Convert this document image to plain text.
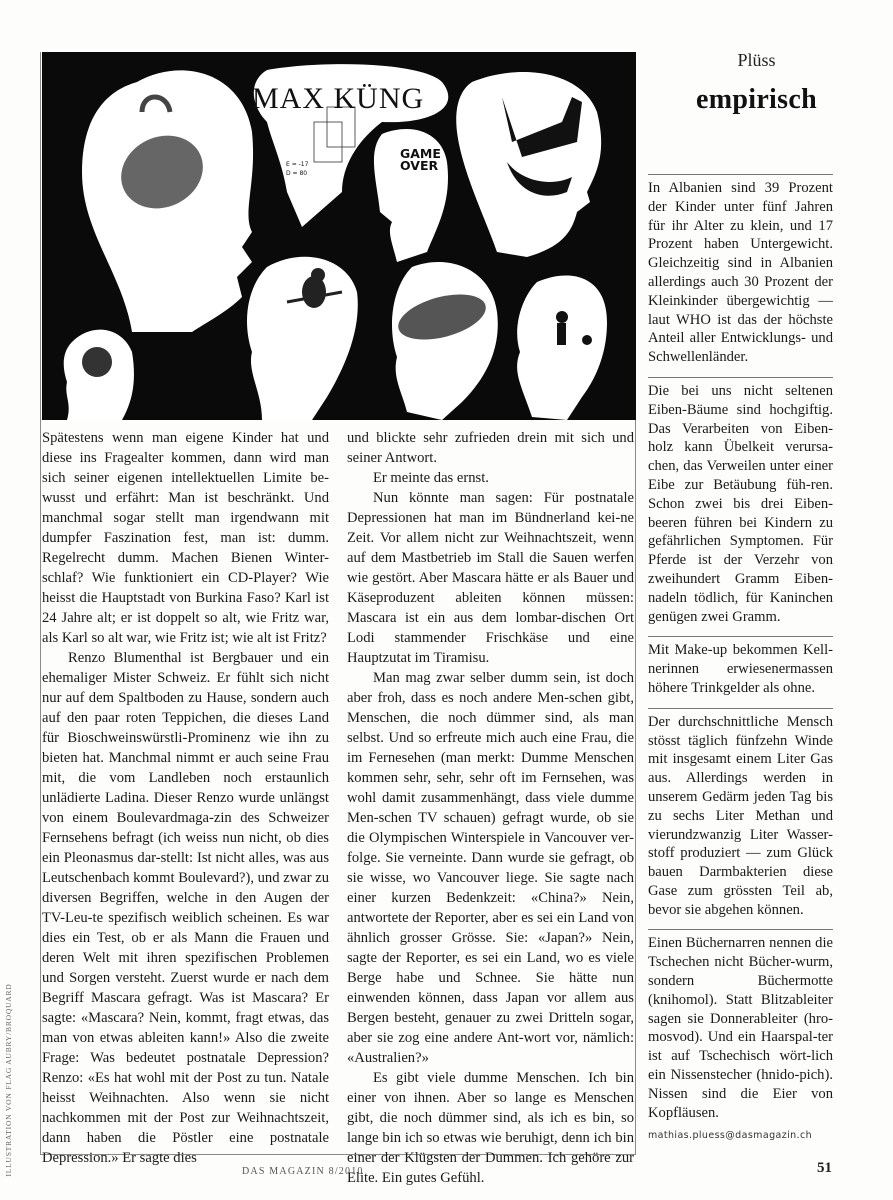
MAX KÜNG
GAME
OVER
E = -17
D = 80

Spätestens wenn man eigene Kinder hat und diese ins Fragealter kommen, dann wird man sich seiner eigenen intellektuellen Limite be-wusst und erfährt: Man ist beschränkt. Und manchmal sogar stellt man irgendwann mit dumpfer Faszination fest, man ist: dumm. Regelrecht dumm. Machen Bienen Winter-schlaf? Wie funktioniert ein CD-Player? Wie heisst die Hauptstadt von Burkina Faso? Karl ist 24 Jahre alt; er ist doppelt so alt, wie Fritz war, als Karl so alt war, wie Fritz ist; wie alt ist Fritz?

Renzo Blumenthal ist Bergbauer und ein ehemaliger Mister Schweiz. Er fühlt sich nicht nur auf dem Spaltboden zu Hause, sondern auch auf den paar roten Teppichen, die dieses Land für Bioschweinswürstli-Prominenz wie ihn zu bieten hat. Manchmal nimmt er auch seine Frau mit, die vom Landleben noch erstaunlich unlädierte Ladina. Dieser Renzo wurde unlängst von einem Boulevardmaga-zin des Schweizer Fernsehens befragt (ich weiss nun nicht, ob dies ein Pleonasmus dar-stellt: Ist nicht alles, was aus Leutschenbach kommt Boulevard?), und zwar zu diversen Begriffen, welche in den Augen der TV-Leu-te spezifisch weiblich scheinen. Es war dies ein Test, ob er als Mann die Frauen und deren Welt mit ihren spezifischen Problemen und Sorgen versteht. Zuerst wurde er nach dem Begriff Mascara gefragt. Was ist Mascara? Er sagte: «Mascara? Nein, kommt, fragt etwas, das man von etwas ableiten kann!» Also die zweite Frage: Was bedeutet postnatale Depression? Renzo: «Es hat wohl mit der Post zu tun. Natale heisst Weihnachten. Also wenn sie nicht nachkommen mit der Post zur Weihnachtszeit, dann haben die Pöstler eine postnatale Depression.» Er sagte dies

und blickte sehr zufrieden drein mit sich und seiner Antwort.

Er meinte das ernst.

Nun könnte man sagen: Für postnatale Depressionen hat man im Bündnerland kei-ne Zeit. Vor allem nicht zur Weihnachtszeit, wenn auf dem Mastbetrieb im Stall die Sauen werfen wie gestört. Aber Mascara hätte er als Bauer und Käseproduzent ableiten können müssen: Mascara ist ein aus dem lombar-dischen Ort Lodi stammender Frischkäse und eine Hauptzutat im Tiramisu.

Man mag zwar selber dumm sein, ist doch aber froh, dass es noch andere Men-schen gibt, Menschen, die noch dümmer sind, als man selbst. Und so erfreute mich auch eine Frau, die im Fernesehen (man merkt: Dumme Menschen kommen sehr, sehr, sehr oft im Fernsehen, was wohl damit zusammenhängt, dass viele dumme Men-schen TV schauen) gefragt wurde, ob sie die Olympischen Winterspiele in Vancouver ver-folge. Sie verneinte. Dann wurde sie gefragt, ob sie wisse, wo Vancouver liege. Sie sagte nach einer kurzen Bedenkzeit: «China?» Nein, antwortete der Reporter, aber es sei ein Land von ähnlich grosser Grösse. Sie: «Japan?» Nein, sagte der Reporter, es sei ein Land, wo es viele Berge habe und Schnee. Sie hätte nun einwenden können, dass Japan vor allem aus Bergen besteht, genauer zu zwei Dritteln sogar, aber sie zog eine andere Ant-wort vor, nämlich: «Australien?»

Es gibt viele dumme Menschen. Ich bin einer von ihnen. Aber so lange es Menschen gibt, die noch dümmer sind, als ich es bin, so lange bin ich so etwas wie beruhigt, denn ich bin einer der Klügsten der Dummen. Ich gehöre zur Elite. Ein gutes Gefühl.

Plüss
empirisch
In Albanien sind 39 Prozent der Kinder unter fünf Jahren für ihr Alter zu klein, und 17 Prozent haben Untergewicht. Gleichzeitig sind in Albanien allerdings auch 30 Prozent der Kleinkinder übergewichtig — laut WHO ist das der höchste Anteil aller Entwicklungs- und Schwellenländer.
Die bei uns nicht seltenen Eiben-Bäume sind hochgiftig. Das Verarbeiten von Eiben-holz kann Übelkeit verursa-chen, das Verweilen unter einer Eibe zur Betäubung füh-ren. Schon zwei bis drei Eiben-beeren führen bei Kindern zu gefährlichen Symptomen. Für Pferde ist der Verzehr von zweihundert Gramm Eiben-nadeln tödlich, für Kaninchen genügen zwei Gramm.
Mit Make-up bekommen Kell-nerinnen erwiesenermassen höhere Trinkgelder als ohne.
Der durchschnittliche Mensch stösst täglich fünfzehn Winde mit insgesamt einem Liter Gas aus. Allerdings werden in unserem Gedärm jeden Tag bis zu sechs Liter Methan und vierundzwanzig Liter Wasser-stoff produziert — zum Glück bauen Darmbakterien diese Gase zum grössten Teil ab, bevor sie abgehen können.
Einen Büchernarren nennen die Tschechen nicht Bücher-wurm, sondern Büchermotte (knihomol). Statt Blitzableiter sagen sie Donnerableiter (hro-mosvod). Und ein Haarspal-ter ist auf Tschechisch wört-lich ein Nissenstecher (hnido-pich). Nissen sind die Eier von Kopfläusen.
mathias.pluess@dasmagazin.ch
ILLUSTRATION VON FLAG AUBRY/BROQUARD	DAS MAGAZIN 8/2010	51
